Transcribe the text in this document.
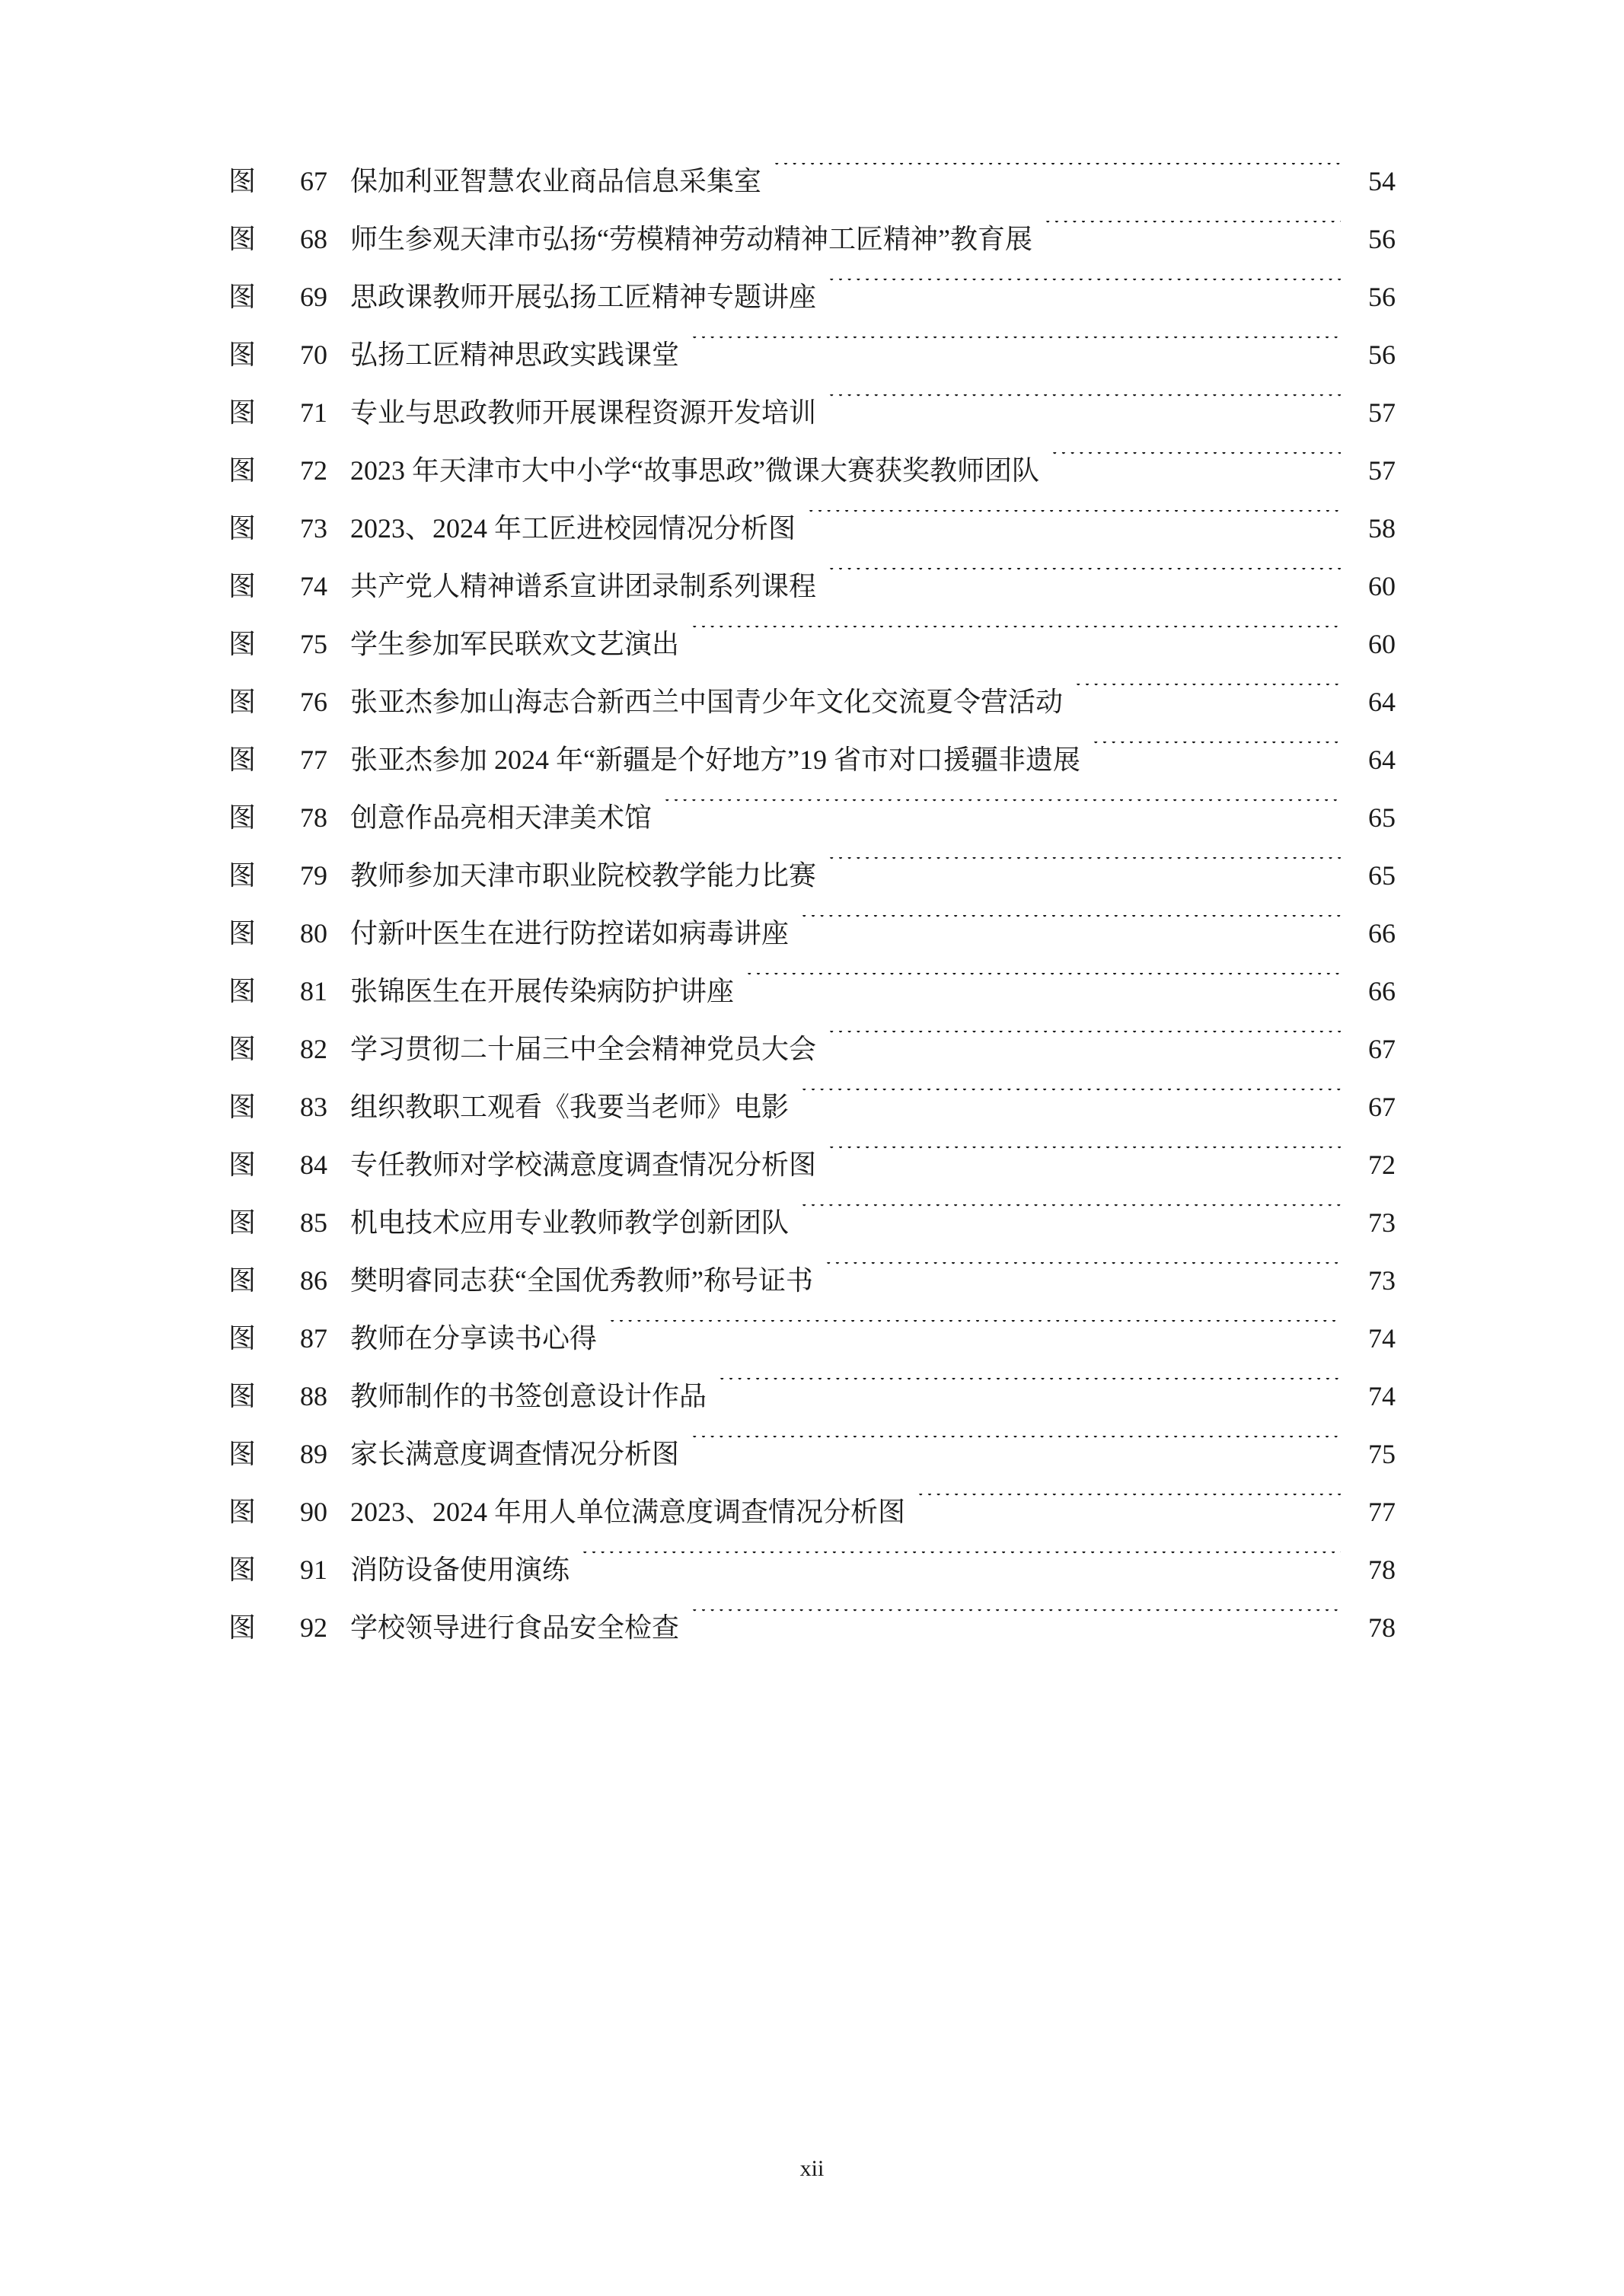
图	67 保加利亚智慧农业商品信息采集室 .....	54
图	68 师生参观天津市弘扬“劳模精神劳动精神工匠精神”教育展 .....	56
图	69 思政课教师开展弘扬工匠精神专题讲座 .....	56
图	70 弘扬工匠精神思政实践课堂 .....	56
图	71 专业与思政教师开展课程资源开发培训 .....	57
图	72 2023 年天津市大中小学“故事思政”微课大赛获奖教师团队 .....	57
图	73 2023、2024 年工匠进校园情况分析图 .....	58
图	74 共产党人精神谱系宣讲团录制系列课程 .....	60
图	75 学生参加军民联欢文艺演出 .....	60
图	76 张亚杰参加山海志合新西兰中国青少年文化交流夏令营活动 .....	64
图	77 张亚杰参加 2024 年“新疆是个好地方”19 省市对口援疆非遗展 .....	64
图	78 创意作品亮相天津美术馆 .....	65
图	79 教师参加天津市职业院校教学能力比赛 .....	65
图	80 付新叶医生在进行防控诺如病毒讲座 .....	66
图	81 张锦医生在开展传染病防护讲座 .....	66
图	82 学习贯彻二十届三中全会精神党员大会 .....	67
图	83 组织教职工观看《我要当老师》电影 .....	67
图	84 专任教师对学校满意度调查情况分析图 .....	72
图	85 机电技术应用专业教师教学创新团队 .....	73
图	86 樊明睿同志获“全国优秀教师”称号证书 .....	73
图	87 教师在分享读书心得 .....	74
图	88 教师制作的书签创意设计作品 .....	74
图	89 家长满意度调查情况分析图 .....	75
图	90 2023、2024 年用人单位满意度调查情况分析图 .....	77
图	91 消防设备使用演练 .....	78
图	92 学校领导进行食品安全检查 .....	78
xii
